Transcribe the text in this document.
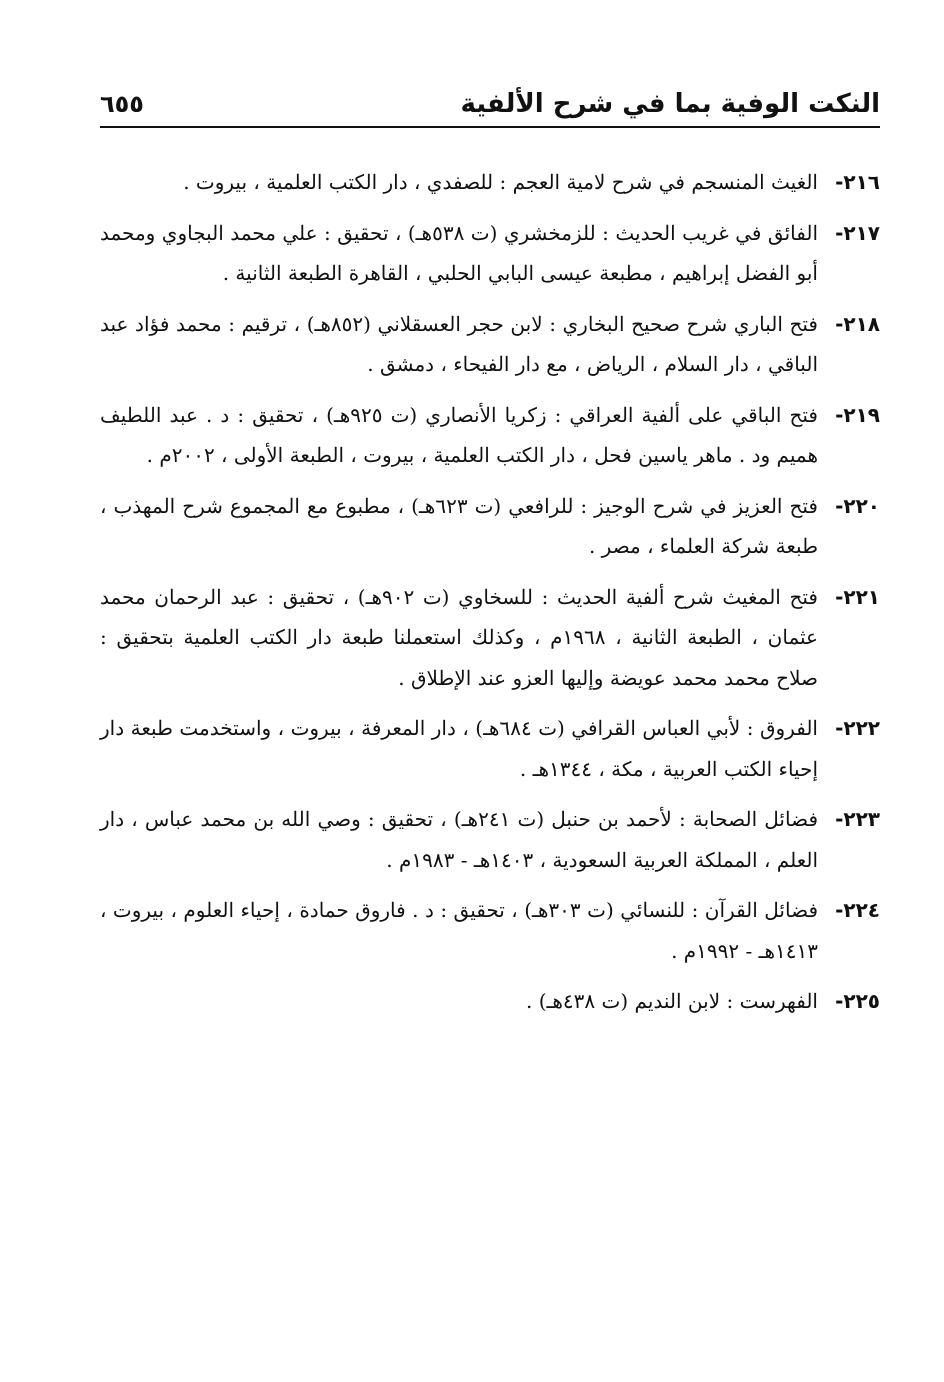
النكت الوفية بما في شرح الألفية
٦٥٥
٢١٦-
الغيث المنسجم في شرح لامية العجم : للصفدي ، دار الكتب العلمية ، بيروت .
٢١٧-
الفائق في غريب الحديث : للزمخشري (ت ٥٣٨هـ) ، تحقيق : علي محمد البجاوي ومحمد أبو الفضل إبراهيم ، مطبعة عيسى البابي الحلبي ، القاهرة الطبعة الثانية .
٢١٨-
فتح الباري شرح صحيح البخاري : لابن حجر العسقلاني (٨٥٢هـ) ، ترقيم : محمد فؤاد عبد الباقي ، دار السلام ، الرياض ، مع دار الفيحاء ، دمشق .
٢١٩-
فتح الباقي على ألفية العراقي : زكريا الأنصاري (ت ٩٢٥هـ) ، تحقيق : د . عبد اللطيف هميم ود . ماهر ياسين فحل ، دار الكتب العلمية ، بيروت ، الطبعة الأولى ، ٢٠٠٢م .
٢٢٠-
فتح العزيز في شرح الوجيز : للرافعي (ت ٦٢٣هـ) ، مطبوع مع المجموع شرح المهذب ، طبعة شركة العلماء ، مصر .
٢٢١-
فتح المغيث شرح ألفية الحديث : للسخاوي (ت ٩٠٢هـ) ، تحقيق : عبد الرحمان محمد عثمان ، الطبعة الثانية ، ١٩٦٨م ، وكذلك استعملنا طبعة دار الكتب العلمية بتحقيق : صلاح محمد محمد عويضة وإليها العزو عند الإطلاق .
٢٢٢-
الفروق : لأبي العباس القرافي (ت ٦٨٤هـ) ، دار المعرفة ، بيروت ، واستخدمت طبعة دار إحياء الكتب العربية ، مكة ، ١٣٤٤هـ .
٢٢٣-
فضائل الصحابة : لأحمد بن حنبل (ت ٢٤١هـ) ، تحقيق : وصي الله بن محمد عباس ، دار العلم ، المملكة العربية السعودية ، ١٤٠٣هـ - ١٩٨٣م .
٢٢٤-
فضائل القرآن : للنسائي (ت ٣٠٣هـ) ، تحقيق : د . فاروق حمادة ، إحياء العلوم ، بيروت ، ١٤١٣هـ - ١٩٩٢م .
٢٢٥-
الفهرست : لابن النديم (ت ٤٣٨هـ) .
